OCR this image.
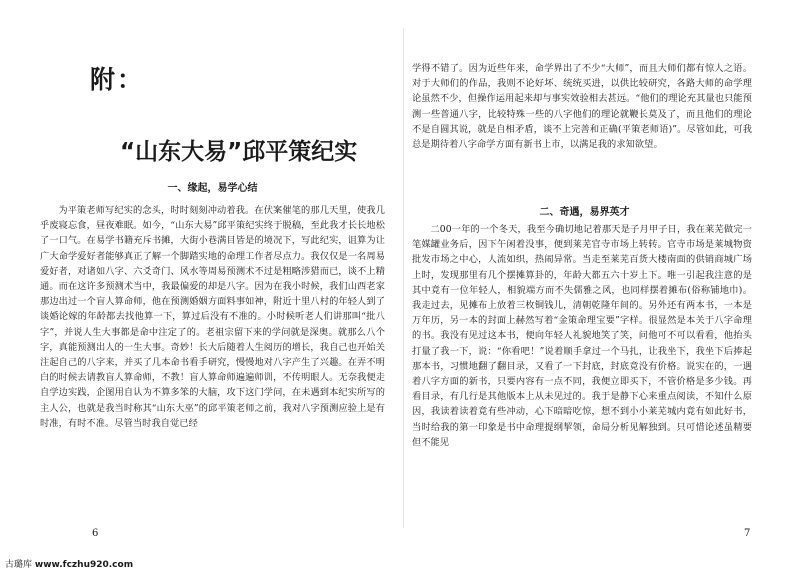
附：
“山东大易”邱平策纪实
一、缘起，易学心结

为平策老师写纪实的念头，时时刻刻冲动着我。在伏案催笔的那几天里，使我几乎废寝忘食，昼夜难眠。如今，“山东大易”邱平策纪实终于脱稿，至此我才长长地松了一口气。在易学书籍充斥书摊，大街小巷满目皆是的境况下，写此纪实，诅算为让广大命学爱好者能够真正了解一个脚踏实地的命理工作者尽点力。我仅仅是一名周易爱好者，对诸如八字、六爻奇门、风水等周易预测术不过是粗略涉猎而已，谈不上精通。而在这许多预测术当中，我最偏爱的却是八字。因为在我小时候，我们山西老家那边出过一个盲人算命师，他在预测婚姻方面料事如神，附近十里八村的年轻人到了谈婚论嫁的年龄都去找他算一下，算过后没有不准的。小时候听老人们讲那叫“批八字”，并说人生大事都是命中注定了的。老祖宗留下来的学问就是深奥。就那么八个字，真能预测出人的一生大事。奇妙！长大后随着人生阅历的增长，我自己也开始关注起自己的八字来，并买了几本命书看手研究，慢慢地对八字产生了兴趣。在弄不明白的时候去请教盲人算命师，不教！盲人算命师遍遍师训，不传明眼人。无奈我便走自学边实践，企图用自认为不算多笨的大脑，攻下这门学问，在未遇到本纪实所写的主人公，也就是我当时称其“山东大巫”的邱平策老师之前，我对八字预测应验上是有时准，有时不准。尽管当时我自觉已经

6

学得不错了。因为近些年来，命学界出了不少“大师”，而且大师们都有惊人之语。对于大师们的作品，我则不论好坏、统统买进，以供比较研究，各路大师的命学理论虽然不少，但操作运用起来却与事实效验相去甚远。“他们的理论充其量也只能预测一些普通八字，比较特殊一些的八字他们的理论就鞭长莫及了，而且他们的理论不是自圆其说，就是自相矛盾，谈不上完善和正确(平策老师语)”。尽管如此，可我总是期待着八字命学方面有新书上市，以满足我的求知欲望。

二、奇遇，易界英才

二00一年的一个冬天，我至今确切地记着那天是子月甲子日，我在莱芜做完一笔媒罐业务后，因下午闲着没事，便到莱芜官寺市场上转转。官寺市场是莱城物资批发市场之中心，人流如织，热闹异常。当走至莱芜百货大楼南面的供销商城广场上时，发现那里有几个摆摊算卦的，年龄大都五六十岁上下。唯一引起我注意的是其中竟有一位年轻人，相貌端方而不失儒雅之风，也同样摆着摊布(俗称铺地巾)。我走过去，见摊布上放着三枚铜钱儿，清朝乾隆年间的。另外还有两本书，一本是万年历，另一本的封面上赫然写着“金策命理宝要”字样。很显然是本关于八字命理的书。我没有见过这本书，便向年轻人礼貌地笑了笑，问他可不可以看看，他抬头打量了我一下，说：“你看吧！”说着顺手拿过一个马扎，让我坐下，我坐下后捧起那本书，习惯地翻了翻目录，又看了一下封底，封底竟没有价格。说实在的，一遇着八字方面的新书，只要内容有一点不同，我便立即买下，不管价格是多少钱。再看目录，有几行是其他版本上从未见过的。我于是静下心来重点阅读，不知什么原因，我读着读着竟有些冲动，心下暗暗吃惊，想不到小小莱芜城内竟有如此好书，当时给我的第一印象是书中命理提纲挈领，命局分析见解独到。只可惜论述虽精要但不能见

7
古璐库 www.fczhu920.com
